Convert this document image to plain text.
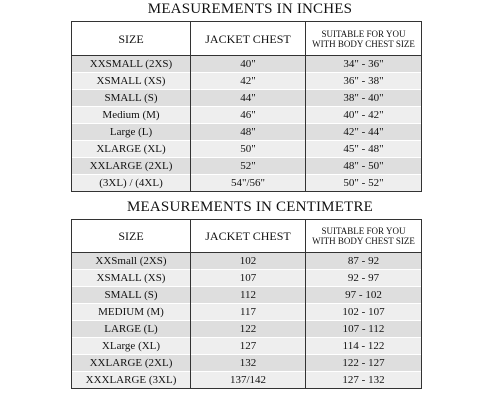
MEASUREMENTS IN INCHES
SIZE	JACKET CHEST	SUITABLE FOR YOU
WITH BODY CHEST SIZE
XXSMALL (2XS)	40"	34" - 36"
XSMALL (XS)	42"	36" - 38"
SMALL (S)	44"	38" - 40"
Medium (M)	46"	40" - 42"
Large (L)	48"	42" - 44"
XLARGE (XL)	50"	45" - 48"
XXLARGE (2XL)	52"	48" - 50"
(3XL) / (4XL)	54"/56"	50" - 52"
MEASUREMENTS IN CENTIMETRE
SIZE	JACKET CHEST	SUITABLE FOR YOU
WITH BODY CHEST SIZE
XXSmall (2XS)	102	87 - 92
XSMALL (XS)	107	92 - 97
SMALL (S)	112	97 - 102
MEDIUM (M)	117	102 - 107
LARGE (L)	122	107 - 112
XLarge (XL)	127	114 - 122
XXLARGE (2XL)	132	122 - 127
XXXLARGE (3XL)	137/142	127 - 132
